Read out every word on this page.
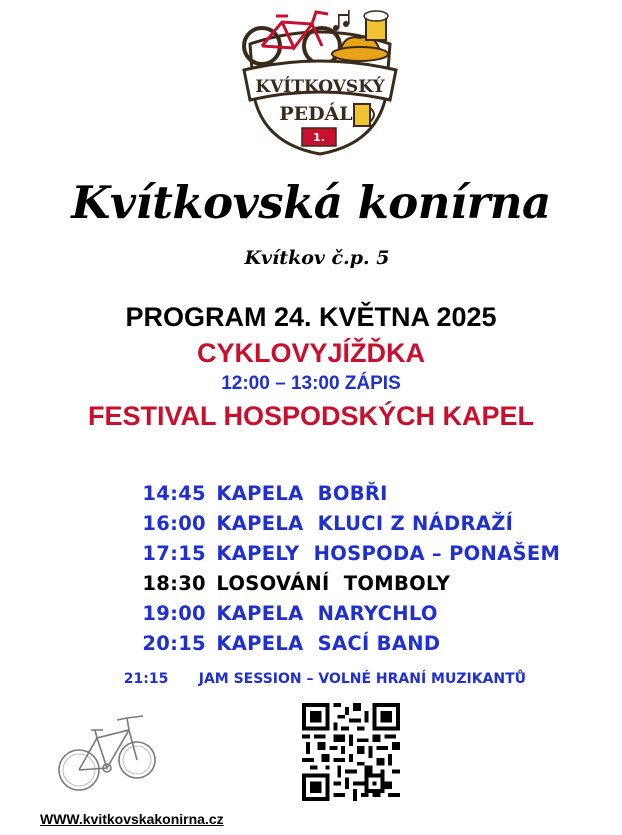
KVÍTKOVSKÝ
PEDÁL
1.
Kvítkovská konírna
Kvítkov č.p. 5
PROGRAM 24. KVĚTNA 2025
CYKLOVYJÍŽĎKA
12:00 – 13:00 ZÁPIS
FESTIVAL HOSPODSKÝCH KAPEL

14:45 KAPELA  BOBŘI

16:00 KAPELA  KLUCI Z NÁDRAŽÍ

17:15 KAPELY  HOSPODA – PONAŠEM

18:30 LOSOVÁNÍ  TOMBOLY

19:00 KAPELA  NARYCHLO

20:15 KAPELA  SACÍ BAND

21:15 JAM SESSION – VOLNÉ HRANÍ MUZIKANTŮ

WWW.kvitkovskakonirna.cz
